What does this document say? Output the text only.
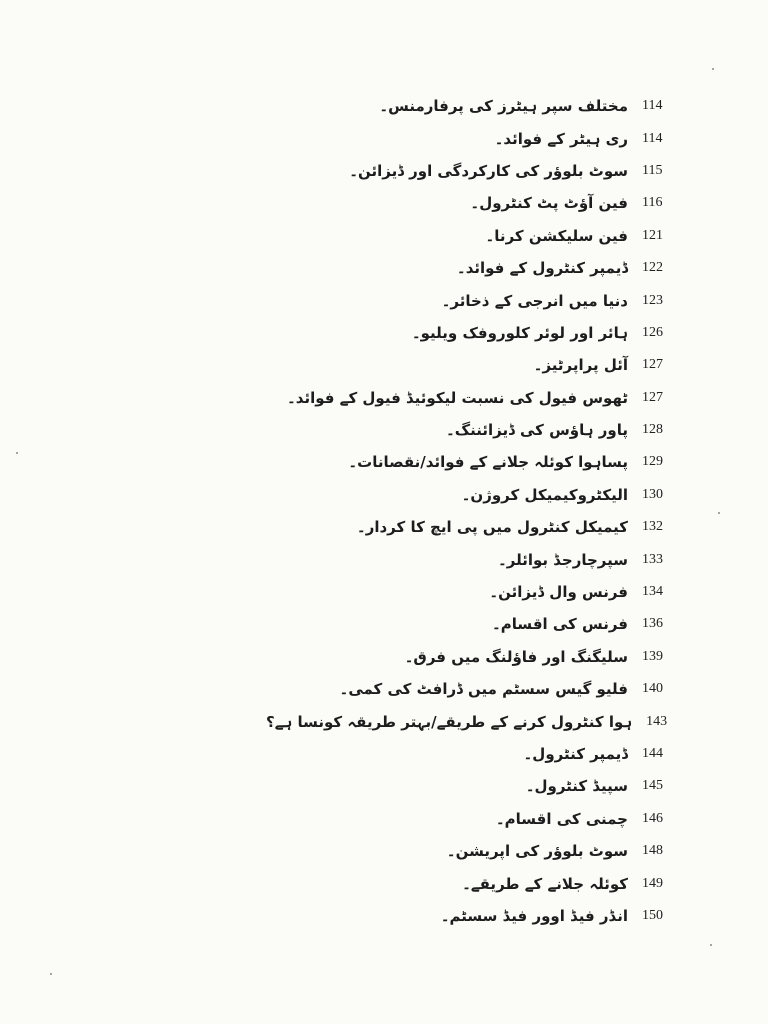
مختلف سپر ہیٹرز کی پرفارمنس۔ 114
ری ہیٹر کے فوائد۔ 114
سوٹ بلوؤر کی کارکردگی اور ڈیزائن۔ 115
فین آؤٹ پٹ کنٹرول۔ 116
فین سلیکشن کرنا۔ 121
ڈیمپر کنٹرول کے فوائد۔ 122
دنیا میں انرجی کے ذخائر۔ 123
ہائر اور لوئر کلوروفک ویلیو۔ 126
آئل پراپرٹیز۔ 127
ٹھوس فیول کی نسبت لیکوئیڈ فیول کے فوائد۔ 127
پاور ہاؤس کی ڈیزائننگ۔ 128
پساہوا کوئلہ جلانے کے فوائد/نقصانات۔ 129
الیکٹروکیمیکل کروژن۔ 130
کیمیکل کنٹرول میں پی ایچ کا کردار۔ 132
سپرچارجڈ بوائلر۔ 133
فرنس وال ڈیزائن۔ 134
فرنس کی اقسام۔ 136
سلیگنگ اور فاؤلنگ میں فرق۔ 139
فلیو گیس سسٹم میں ڈرافٹ کی کمی۔ 140
ہوا کنٹرول کرنے کے طریقے/بہتر طریقہ کونسا ہے؟ 143
ڈیمپر کنٹرول۔ 144
سپیڈ کنٹرول۔ 145
چمنی کی اقسام۔ 146
سوٹ بلوؤر کی اپریشن۔ 148
کوئلہ جلانے کے طریقے۔ 149
انڈر فیڈ اوور فیڈ سسٹم۔ 150
